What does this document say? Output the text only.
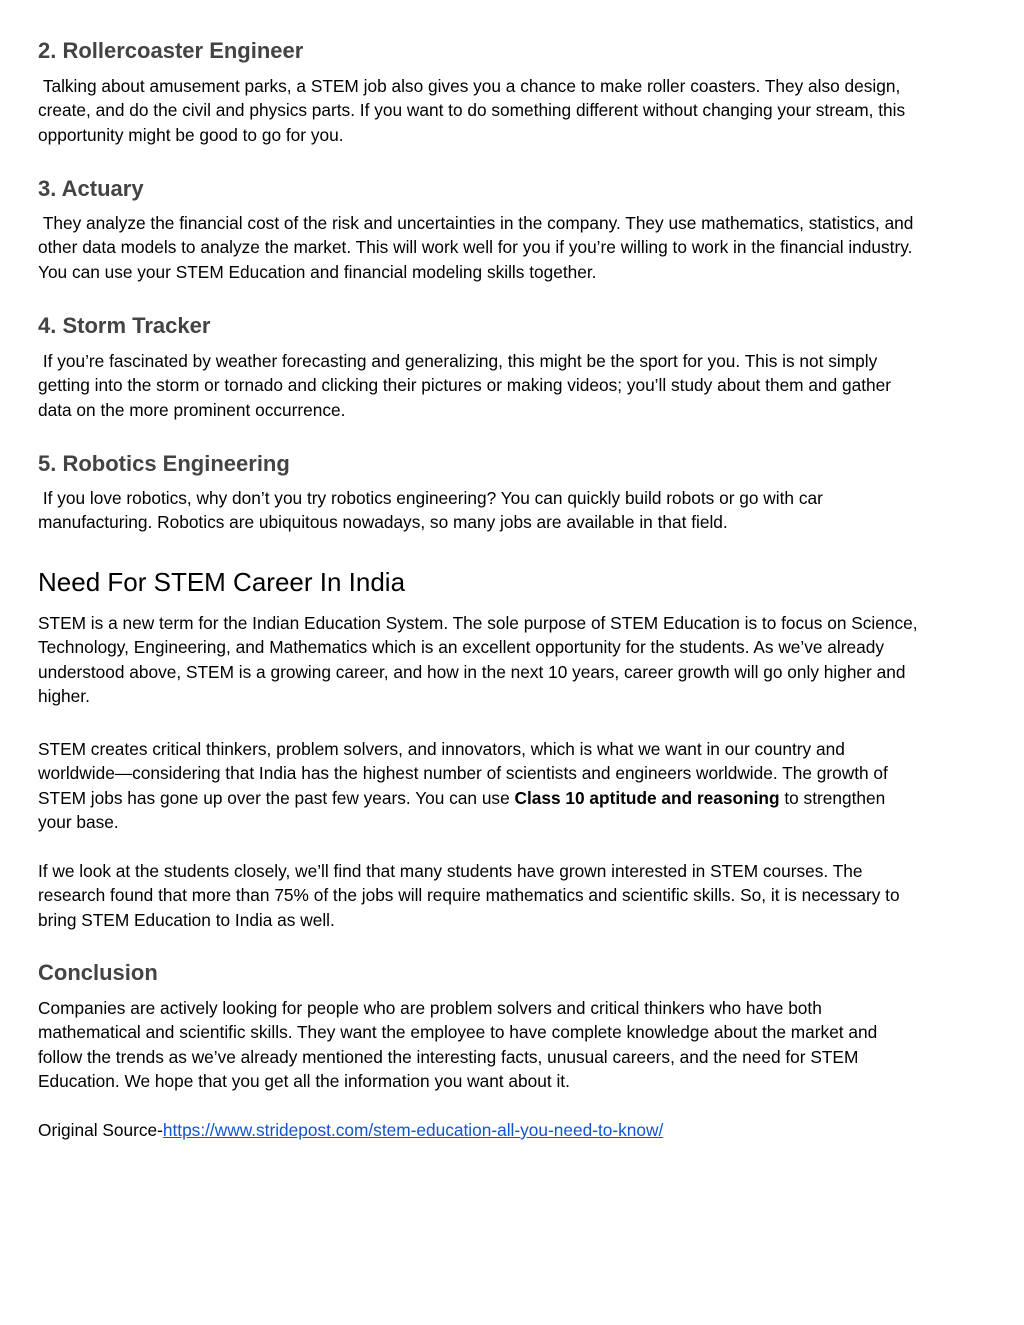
2. Rollercoaster Engineer

Talking about amusement parks, a STEM job also gives you a chance to make roller coasters. They also design, create, and do the civil and physics parts. If you want to do something different without changing your stream, this opportunity might be good to go for you.

3. Actuary

They analyze the financial cost of the risk and uncertainties in the company. They use mathematics, statistics, and other data models to analyze the market. This will work well for you if you’re willing to work in the financial industry. You can use your STEM Education and financial modeling skills together.

4. Storm Tracker

If you’re fascinated by weather forecasting and generalizing, this might be the sport for you. This is not simply getting into the storm or tornado and clicking their pictures or making videos; you’ll study about them and gather data on the more prominent occurrence.

5. Robotics Engineering

If you love robotics, why don’t you try robotics engineering? You can quickly build robots or go with car manufacturing. Robotics are ubiquitous nowadays, so many jobs are available in that field.

Need For STEM Career In India

STEM is a new term for the Indian Education System. The sole purpose of STEM Education is to focus on Science, Technology, Engineering, and Mathematics which is an excellent opportunity for the students. As we’ve already understood above, STEM is a growing career, and how in the next 10 years, career growth will go only higher and higher.

STEM creates critical thinkers, problem solvers, and innovators, which is what we want in our country and worldwide—considering that India has the highest number of scientists and engineers worldwide. The growth of STEM jobs has gone up over the past few years. You can use Class 10 aptitude and reasoning to strengthen your base.

If we look at the students closely, we’ll find that many students have grown interested in STEM courses. The research found that more than 75% of the jobs will require mathematics and scientific skills. So, it is necessary to bring STEM Education to India as well.

Conclusion

Companies are actively looking for people who are problem solvers and critical thinkers who have both mathematical and scientific skills. They want the employee to have complete knowledge about the market and follow the trends as we’ve already mentioned the interesting facts, unusual careers, and the need for STEM Education. We hope that you get all the information you want about it.

Original Source-https://www.stridepost.com/stem-education-all-you-need-to-know/
